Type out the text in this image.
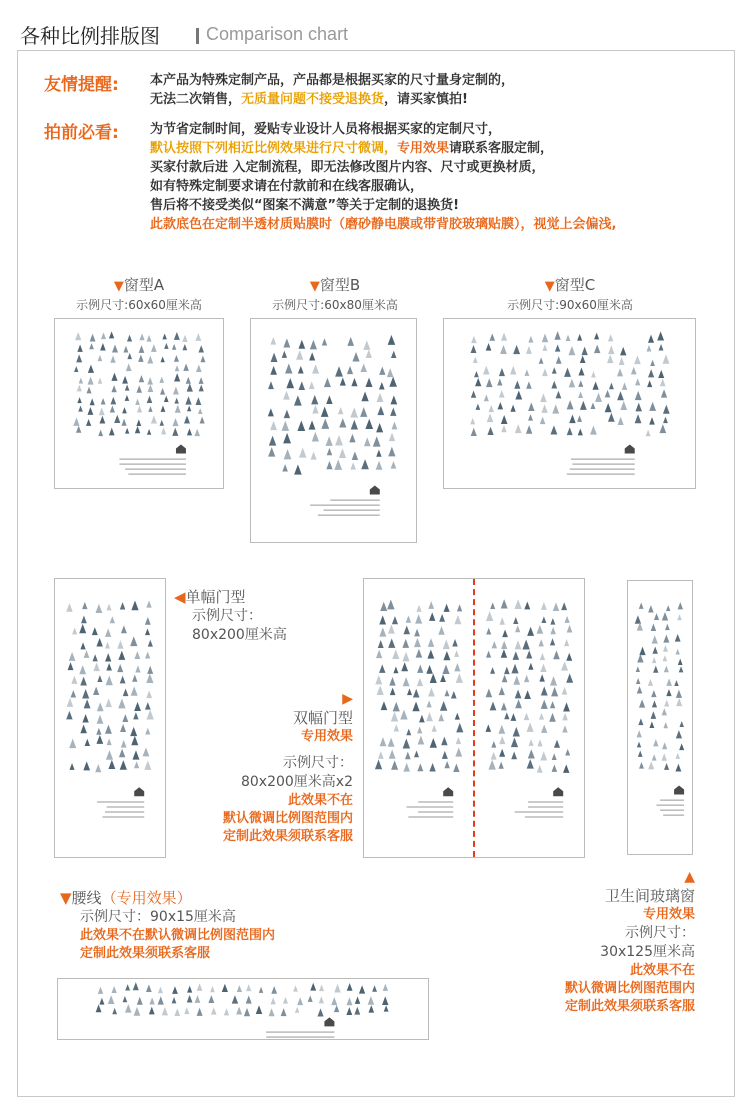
各种比例排版图	Comparison chart
友情提醒: 本产品为特殊定制产品，产品都是根据买家的尺寸量身定制的，
无法二次销售，无质量问题不接受退换货，请买家慎拍!
拍前必看: 为节省定制时间，爱贴专业设计人员将根据买家的定制尺寸，
默认按照下列相近比例效果进行尺寸微调，专用效果请联系客服定制，
买家付款后进 入定制流程，即无法修改图片内容、尺寸或更换材质，
如有特殊定制要求请在付款前和在线客服确认，
售后将不接受类似“图案不满意”等关于定制的退换货!
此款底色在定制半透材质贴膜时（磨砂静电膜或带背胶玻璃贴膜），视觉上会偏浅,
▼窗型A
示例尺寸:60x60厘米高
▼窗型B
示例尺寸:60x80厘米高
▼窗型C
示例尺寸:90x60厘米高
◀单幅门型
示例尺寸：
80x200厘米高
▶
双幅门型
专用效果
示例尺寸：
80x200厘米高x2
此效果不在
默认微调比例图范围内
定制此效果须联系客服
▼腰线（专用效果）
示例尺寸：90x15厘米高
此效果不在默认微调比例图范围内
定制此效果须联系客服
▲
卫生间玻璃窗
专用效果
示例尺寸：
30x125厘米高
此效果不在
默认微调比例图范围内
定制此效果须联系客服
